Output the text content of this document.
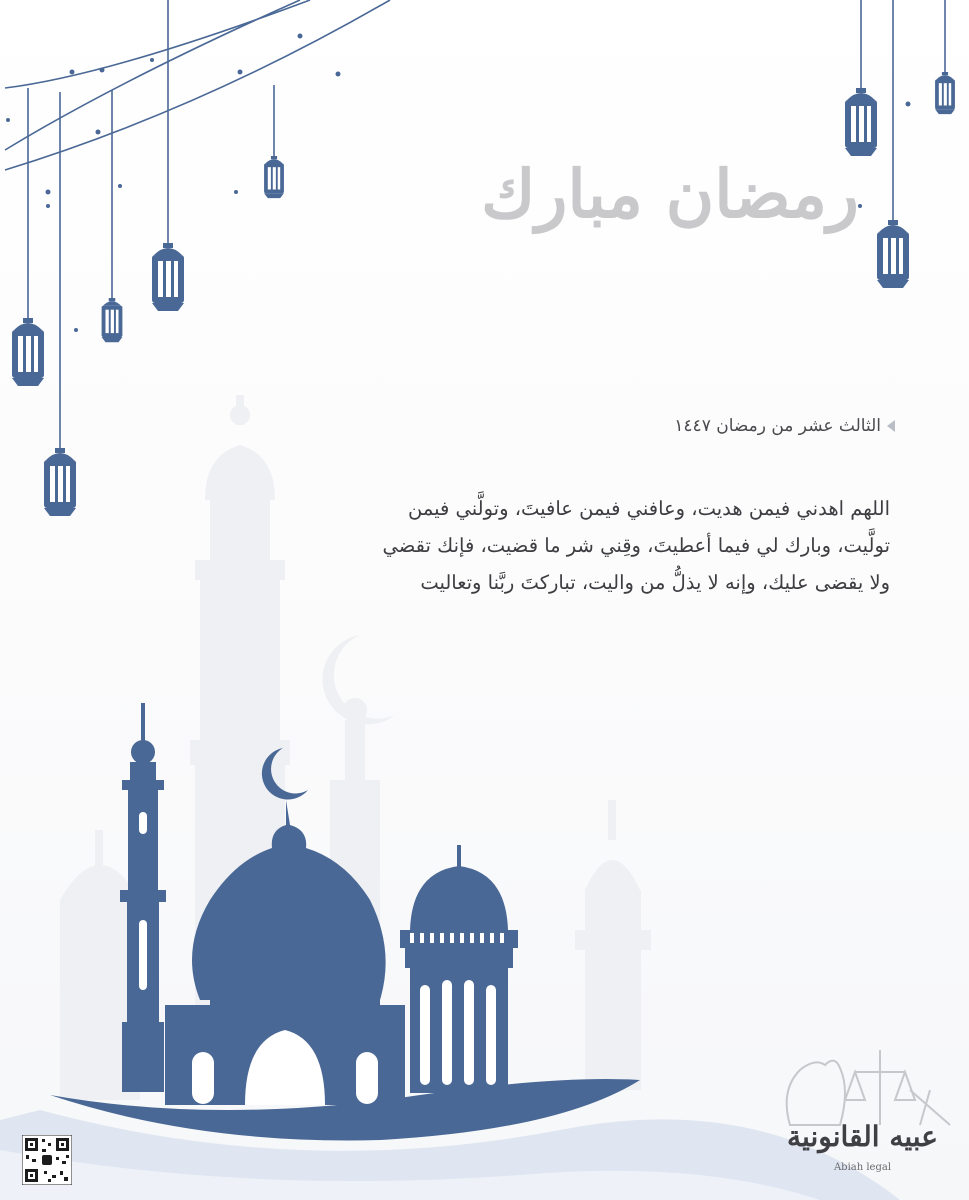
رمضان مبارك
الثالث عشر من رمضان ١٤٤٧
اللهم اهدني فيمن هديت، وعافني فيمن عافيتَ، وتولَّني فيمن
تولَّيت، وبارك لي فيما أعطيتَ، وقِني شر ما قضيت، فإنك تقضي
ولا يقضى عليك، وإنه لا يذلُّ من واليت، تباركتَ ربَّنا وتعاليت
عبيه القانونية
Abiah legal
